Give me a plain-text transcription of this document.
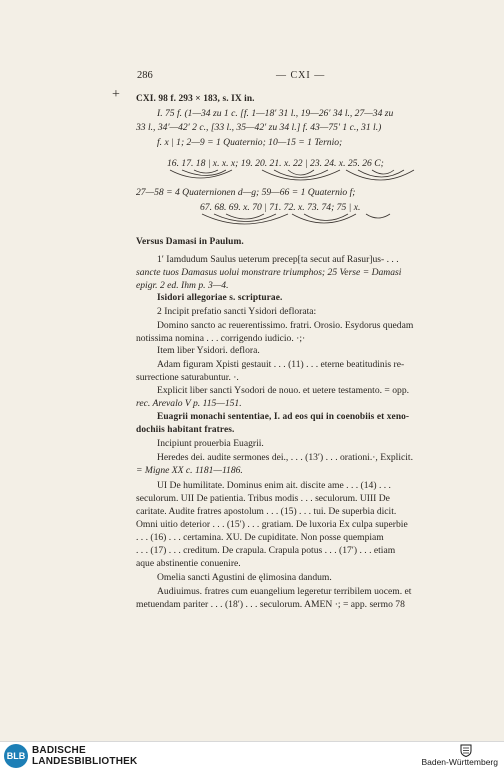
286	— CXI —
+ CXI. 98 f. 293 × 183, s. IX in.
I. 75 f. (1—34 zu 1 c. [f. 1—18′ 31 l., 19—26′ 34 l., 27—34 zu
33 l., 34′—42′ 2 c., [33 l., 35—42′ zu 34 l.] f. 43—75′ 1 c., 31 l.)
f. x | 1; 2—9 = 1 Quaternio; 10—15 = 1 Ternio;
16. 17. 18 | x. x. x; 19. 20. 21. x. 22 | 23. 24. x. 25. 26 C;
27—58 = 4 Quaternionen d—g; 59—66 = 1 Quaternio f;
67. 68. 69. x. 70 | 71. 72. x. 73. 74; 75 | x.
Versus Damasi in Paulum.
1′ Iamdudum Saulus ueterum precep[ta secut auf Rasur]us- . . .
sancte tuos Damasus uolui monstrare triumphos; 25 Verse = Damasi
epigr. 2 ed. Ihm p. 3—4.
Isidori allegoriae s. scripturae.
2 Incipit prefatio sancti Ysidori deflorata:
Domino sancto ac reuerentissimo. fratri. Orosio. Esydorus quedam
notissima nomina . . . corrigendo iudicio. ·;·
Item liber Ysidori. deflora.
Adam figuram Xpisti gestauit . . . (11) . . . eterne beatitudinis re-
surrectione saturabuntur. ·.
Explicit liber sancti Ysodori de nouo. et uetere testamento. = opp.
rec. Arevalo V p. 115—151.
Euagrii monachi sententiae, I. ad eos qui in coenobiis et xeno-
dochiis habitant fratres.
Incipiunt prouerbia Euagrii.
Heredes dei. audite sermones dei., . . . (13′) . . . orationi.·, Explicit.
= Migne XX c. 1181—1186.
UI De humilitate. Dominus enim ait. discite ame . . . (14) . . .
seculorum. UII De patientia. Tribus modis . . . seculorum. UIII De
caritate. Audite fratres apostolum . . . (15) . . . tui. De superbia dicit.
Omni uitio deterior . . . (15′) . . . gratiam. De luxoria Ex culpa superbie
. . . (16) . . . certamina. XU. De cupiditate. Non posse quempiam
. . . (17) . . . creditum. De crapula. Crapula potus . . . (17′) . . . etiam
aque abstinentie conuenire.
Omelia sancti Agustini de ęlimosina dandum.
Audiuimus. fratres cum euangelium legeretur terribilem uocem. et
metuendam pariter . . . (18′) . . . seculorum. AMEN ·; = app. sermo 78
BLB BADISCHE
LANDESBIBLIOTHEK	Baden-Württemberg
